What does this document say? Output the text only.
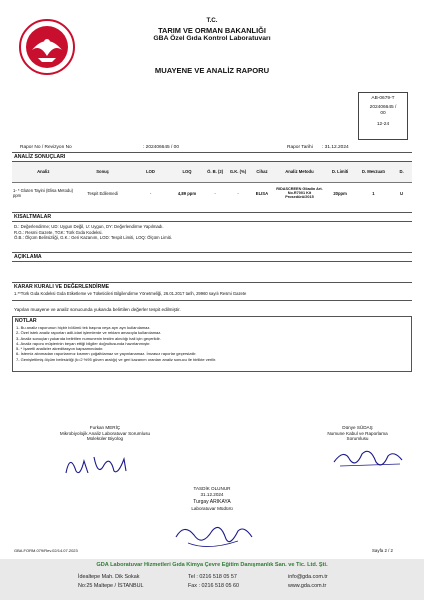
T.C.
TARIM VE ORMAN BAKANLIĞI
GBA Özel Gıda Kontrol Laboratuvarı
MUAYENE VE ANALİZ RAPORU
AB-0679-T
202406645 /
00
12-24
Rapor No / Revizyon No	: 202406645 / 00	Rapor Tarihi : 31.12.2024
ANALİZ SONUÇLARI
Analiz	Sonuç	LOD	LOQ	Ö. B. (2)	G.K. (%)	Cihaz	Analiz Metodu	D. Limiti	D. Mevzuatı	D.
1- * Gluten Tayini (Elisa Metodu) ppm	Tespit Edilemedi	-	4,89 ppm	-	-	ELISA	RIDASCREEN Gliadin Art. No.R7001 Kit Prosedürü/2015	20ppm	1	U
KISALTMALAR
D.: Değerlendirme; UD: Uygun Değil, U: Uygun, DY: Değerlendirme Yapılmadı.
R.G.: Resmi Gazete, TGK: Türk Gıda Kodeksi.
Ö.B.: Ölçüm Belirsizliği, G.K.: Geri Kazanım, LOD: Tespit Limiti, LOQ: Ölçüm Limiti.
AÇIKLAMA
KARAR KURALI VE DEĞERLENDİRME
1.**Türk Gıda Kodeksi Gıda Etiketleme ve Tüketicileri Bilgilendirme Yönetmeliği, 26.01.2017 tarih, 29960 sayılı Resmi Gazete
Yapılan muayene ve analiz sonucunda yukarıda belirtilen değerler tespit edilmiştir.
NOTLAR
1- Bu analiz raporunun hiçbir bölümü tek başına veya ayrı ayrı kullanılamaz.
2- Özel istek analiz raporları adli-idari işlemlerde ve reklam amacıyla kullanılamaz.
3- Analiz sonuçları yukarıda belirtilen numunenin testim alındığı hali için geçerlidir.
4- Analiz raporu müşterinin beyan ettiği bilgiler doğrultusunda hazırlanmıştır.
5- * İşaretli analizler akreditasyon kapsamındadır.
6- İstemiz alınmadan raporlarımız kısmen çoğaltılamaz ve yayınlanamaz. İmzasız raporlar geçersizdir.
7- Genişletilmiş ölçüm belirsizliği (k=2 %95 güven aralığı) ve geri kazanım oranları analiz sonucu ile birlikte verilir.
Furkan MERİÇ
Mikrobiyolojik Analiz Laboratuvar Sorumlusu
Moleküler Biyolog
Dünye SÜDAŞ
Numune Kabul ve Raporlama
Sorumlusu
TASDİK OLUNUR
31.12.2024
Turgay ARIKAYA
Laboratuvar Müdürü
GBA.FORM.079/Rev.02/14.07.2023	Sayfa 2 / 2
GDA Laboratuvar Hizmetleri Gıda Kimya Çevre Eğitim Danışmanlık San. ve Tic. Ltd. Şti.
İdealtepe Mah. Dik Sokak
No:25 Maltepe / İSTANBUL
Tel : 0216 518 05 57
Fax : 0216 518 05 60
info@gda.com.tr
www.gda.com.tr
